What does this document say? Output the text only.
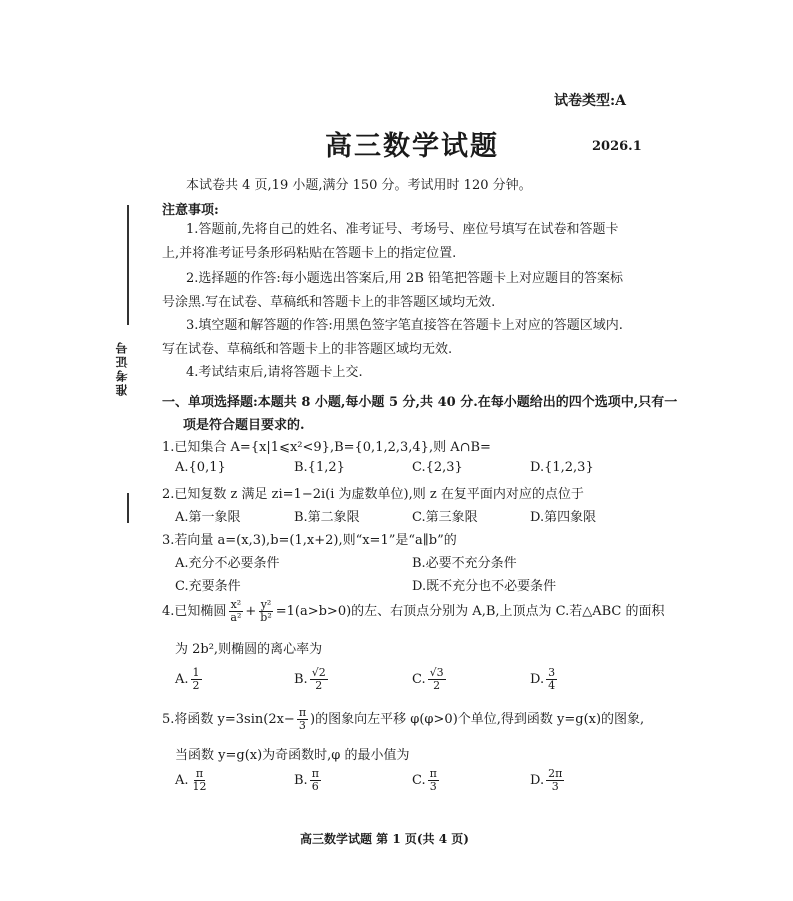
试卷类型:A
高三数学试题	2026.1
准考证号
本试卷共 4 页,19 小题,满分 150 分。考试用时 120 分钟。
注意事项:
1.答题前,先将自己的姓名、准考证号、考场号、座位号填写在试卷和答题卡上,并将准考证号条形码粘贴在答题卡上的指定位置.
2.选择题的作答:每小题选出答案后,用 2B 铅笔把答题卡上对应题目的答案标号涂黑.写在试卷、草稿纸和答题卡上的非答题区域均无效.
3.填空题和解答题的作答:用黑色签字笔直接答在答题卡上对应的答题区域内.写在试卷、草稿纸和答题卡上的非答题区域均无效.
4.考试结束后,请将答题卡上交.
一、单项选择题:本题共 8 小题,每小题 5 分,共 40 分.在每小题给出的四个选项中,只有一
项是符合题目要求的.
1.已知集合 A={x|1⩽x²<9},B={0,1,2,3,4},则 A∩B=
A.{0,1}	B.{1,2}	C.{2,3}	D.{1,2,3}
2.已知复数 z 满足 zi=1−2i(i 为虚数单位),则 z 在复平面内对应的点位于
A.第一象限	B.第二象限	C.第三象限	D.第四象限
3.若向量 a=(x,3),b=(1,x+2),则“x=1”是“a∥b”的
A.充分不必要条件	B.必要不充分条件
C.充要条件	D.既不充分也不必要条件
4.已知椭圆 $\frac{\text{x²}}{\text{a²}} + \frac{\text{y²}}{\text{b²}} =1(a>b>0)$的左、右顶点分别为 A,B,上顶点为 C.若△ABC 的面积
为 2b²,则椭圆的离心率为
A. $\frac{1}{2}$	B. $\frac{√2}{2}$	C. $\frac{√3}{2}$	D. $\frac{3}{4}$
5.将函数 $y=3\sin(2x- \frac{\pi}{3}$ )的图象向左平移 φ(φ>0)个单位,得到函数 y=g(x)的图象,
当函数 y=g(x)为奇函数时,φ 的最小值为
A. $\frac{\pi}{12}$	B. $\frac{\pi}{6}$	C. $\frac{\pi}{3}$	D. $\frac{2\pi}{3}$
高三数学试题 第 1 页(共 4 页)
